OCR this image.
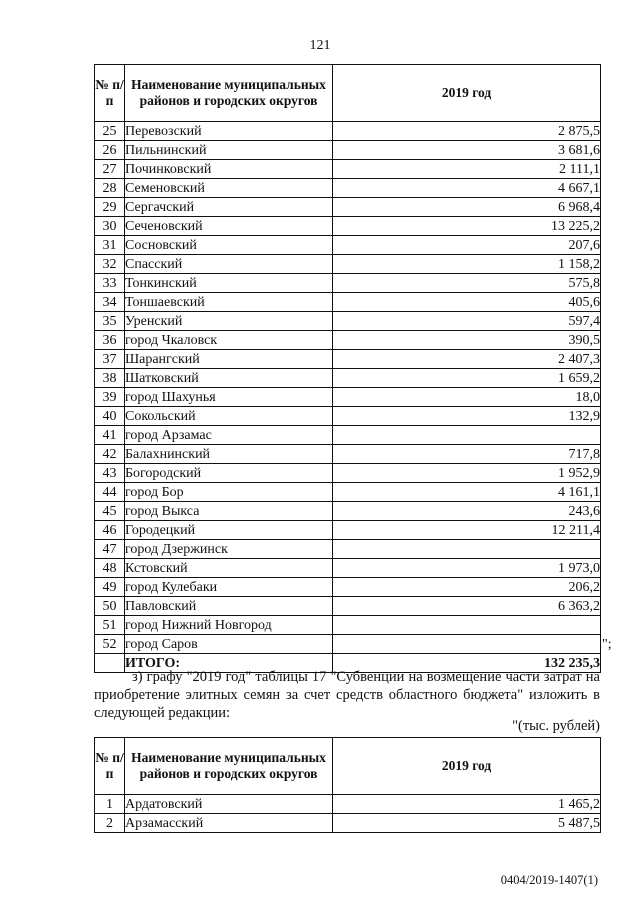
121
№ п/п	Наименование муниципальных районов и городских округов	2019 год
25	Перевозский	2 875,5
26	Пильнинский	3 681,6
27	Починковский	2 111,1
28	Семеновский	4 667,1
29	Сергачский	6 968,4
30	Сеченовский	13 225,2
31	Сосновский	207,6
32	Спасский	1 158,2
33	Тонкинский	575,8
34	Тоншаевский	405,6
35	Уренский	597,4
36	город Чкаловск	390,5
37	Шарангский	2 407,3
38	Шатковский	1 659,2
39	город Шахунья	18,0
40	Сокольский	132,9
41	город Арзамас	
42	Балахнинский	717,8
43	Богородский	1 952,9
44	город Бор	4 161,1
45	город Выкса	243,6
46	Городецкий	12 211,4
47	город Дзержинск	
48	Кстовский	1 973,0
49	город Кулебаки	206,2
50	Павловский	6 363,2
51	город Нижний Новгород	
52	город Саров	
	ИТОГО:	132 235,3
";
з) графу "2019 год" таблицы 17 "Субвенции на возмещение части затрат на приобретение элитных семян за счет средств областного бюджета" изложить в следующей редакции:
"(тыс. рублей)
№ п/п	Наименование муниципальных районов и городских округов	2019 год
1	Ардатовский	1 465,2
2	Арзамасский	5 487,5
0404/2019-1407(1)
